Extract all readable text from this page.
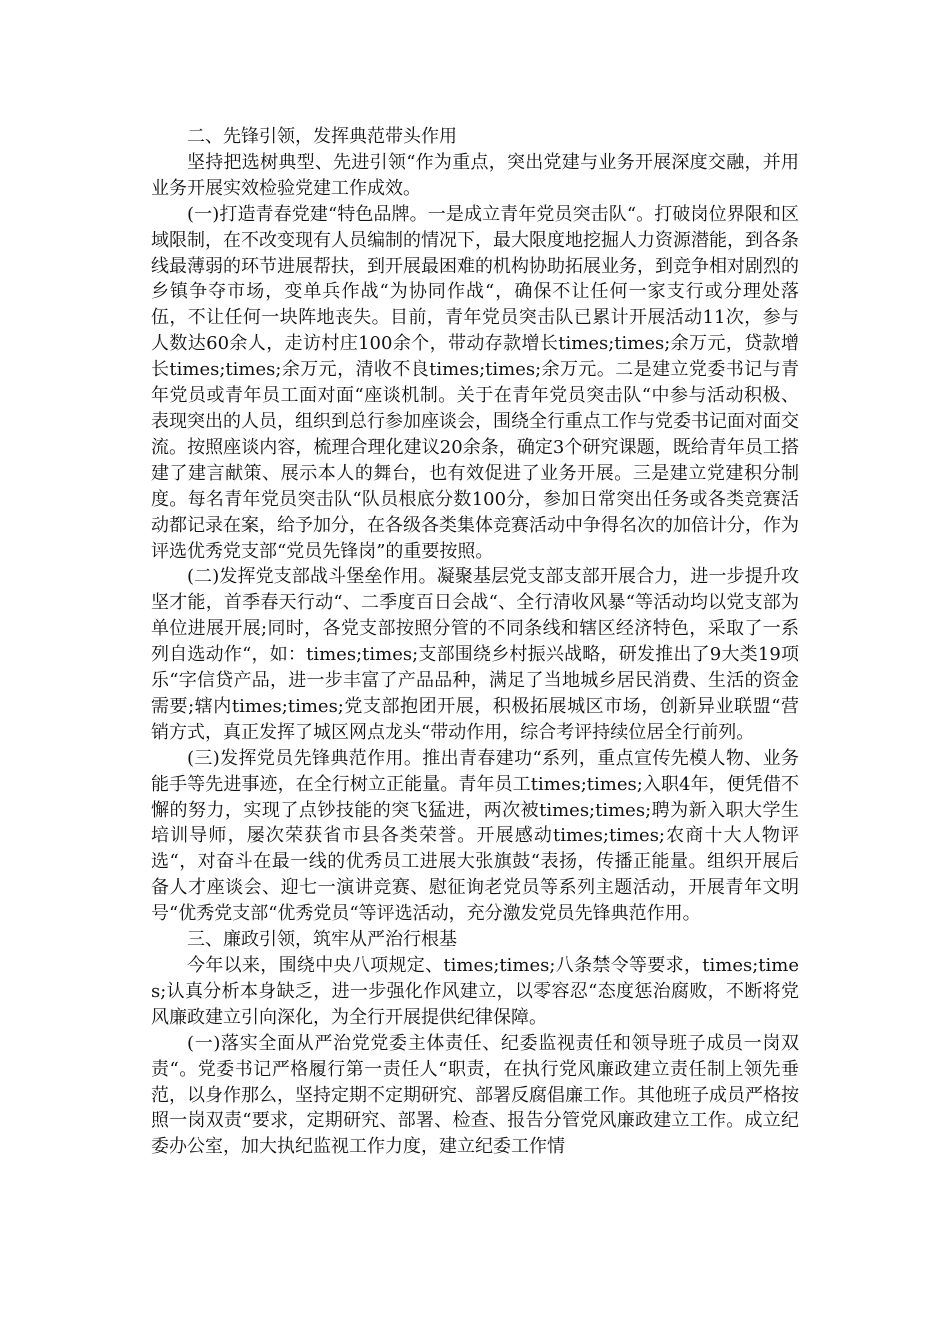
二、先锋引领，发挥典范带头作用

坚持把选树典型、先进引领“作为重点，突出党建与业务开展深度交融，并用业务开展实效检验党建工作成效。

(一)打造青春党建“特色品牌。一是成立青年党员突击队“。打破岗位界限和区域限制，在不改变现有人员编制的情况下，最大限度地挖掘人力资源潜能，到各条线最薄弱的环节进展帮扶，到开展最困难的机构协助拓展业务，到竞争相对剧烈的乡镇争夺市场，变单兵作战“为协同作战“，确保不让任何一家支行或分理处落伍，不让任何一块阵地丧失。目前，青年党员突击队已累计开展活动11次，参与人数达60余人，走访村庄100余个，带动存款增长times;times;余万元，贷款增长times;times;余万元，清收不良times;times;余万元。二是建立党委书记与青年党员或青年员工面对面“座谈机制。关于在青年党员突击队“中参与活动积极、表现突出的人员，组织到总行参加座谈会，围绕全行重点工作与党委书记面对面交流。按照座谈内容，梳理合理化建议20余条，确定3个研究课题，既给青年员工搭建了建言献策、展示本人的舞台，也有效促进了业务开展。三是建立党建积分制度。每名青年党员突击队“队员根底分数100分，参加日常突出任务或各类竞赛活动都记录在案，给予加分，在各级各类集体竞赛活动中争得名次的加倍计分，作为评选优秀党支部“党员先锋岗”的重要按照。

(二)发挥党支部战斗堡垒作用。凝聚基层党支部支部开展合力，进一步提升攻坚才能，首季春天行动“、二季度百日会战“、全行清收风暴“等活动均以党支部为单位进展开展;同时，各党支部按照分管的不同条线和辖区经济特色，采取了一系列自选动作“，如：times;times;支部围绕乡村振兴战略，研发推出了9大类19项乐“字信贷产品，进一步丰富了产品品种，满足了当地城乡居民消费、生活的资金需要;辖内times;times;党支部抱团开展，积极拓展城区市场，创新异业联盟“营销方式，真正发挥了城区网点龙头“带动作用，综合考评持续位居全行前列。

(三)发挥党员先锋典范作用。推出青春建功“系列，重点宣传先模人物、业务能手等先进事迹，在全行树立正能量。青年员工times;times;入职4年，便凭借不懈的努力，实现了点钞技能的突飞猛进，两次被times;times;聘为新入职大学生培训导师，屡次荣获省市县各类荣誉。开展感动times;times;农商十大人物评选“，对奋斗在最一线的优秀员工进展大张旗鼓“表扬，传播正能量。组织开展后备人才座谈会、迎七一演讲竞赛、慰征询老党员等系列主题活动，开展青年文明号“优秀党支部“优秀党员“等评选活动，充分激发党员先锋典范作用。

三、廉政引领，筑牢从严治行根基

今年以来，围绕中央八项规定、times;times;八条禁令等要求，times;times;认真分析本身缺乏，进一步强化作风建立，以零容忍“态度惩治腐败，不断将党风廉政建立引向深化，为全行开展提供纪律保障。

(一)落实全面从严治党党委主体责任、纪委监视责任和领导班子成员一岗双责“。党委书记严格履行第一责任人“职责，在执行党风廉政建立责任制上领先垂范，以身作那么，坚持定期不定期研究、部署反腐倡廉工作。其他班子成员严格按照一岗双责“要求，定期研究、部署、检查、报告分管党风廉政建立工作。成立纪委办公室，加大执纪监视工作力度，建立纪委工作情
